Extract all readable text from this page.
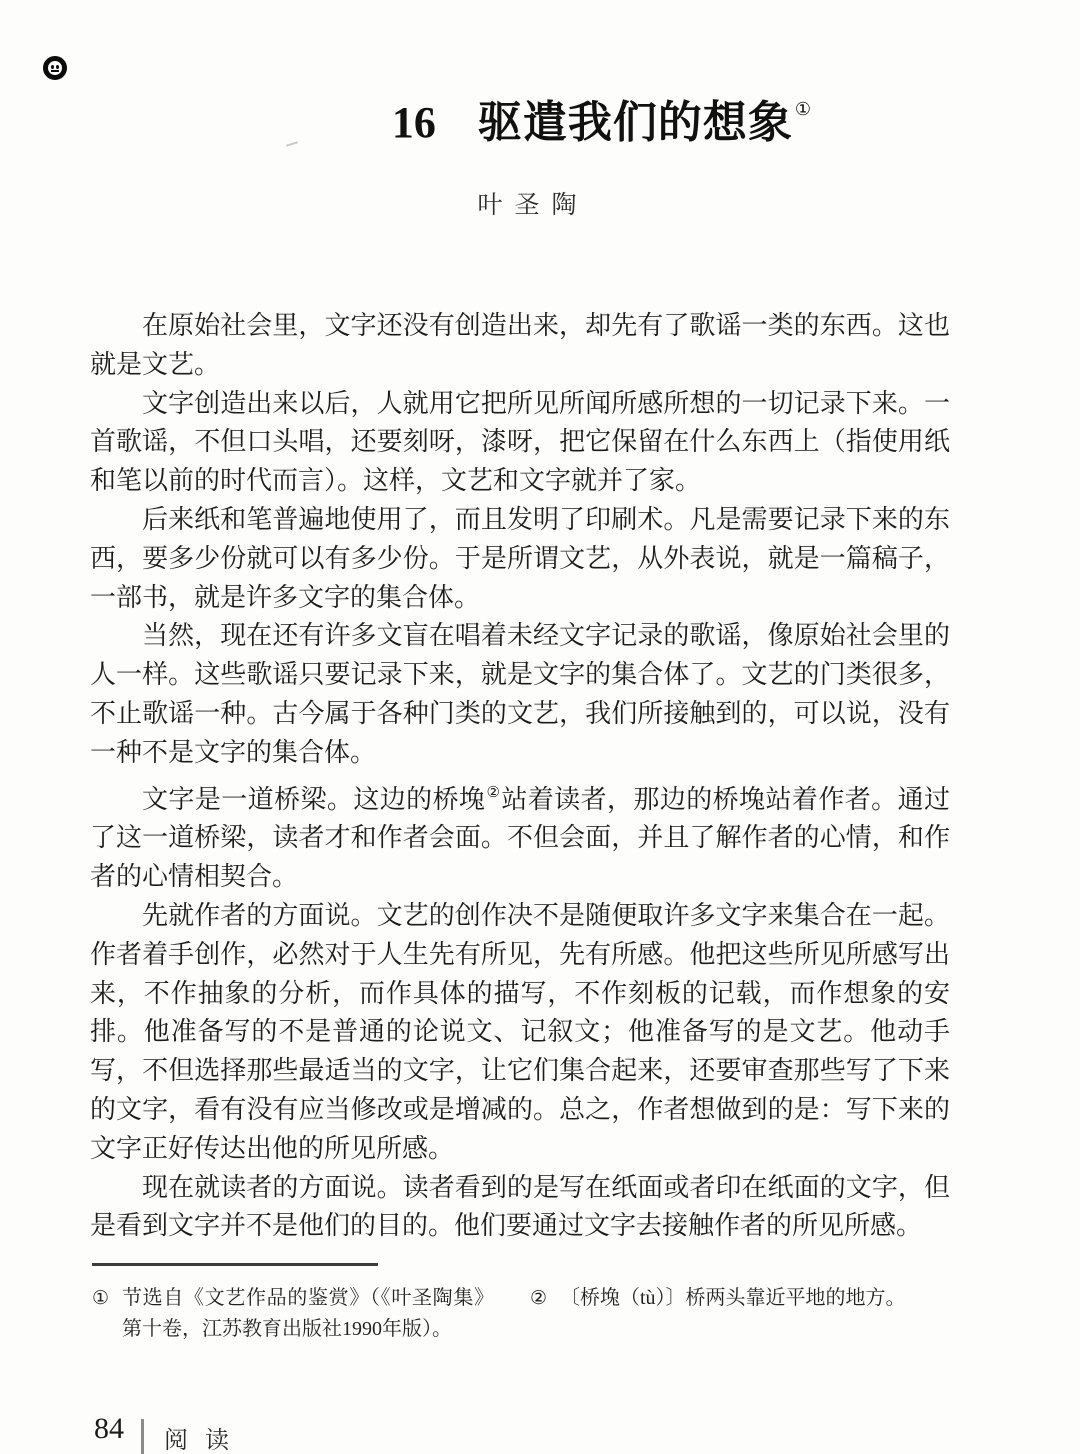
16 驱遣我们的想象 ①
叶圣陶

在原始社会里，文字还没有创造出来，却先有了歌谣一类的东西。这也就是文艺。

文字创造出来以后，人就用它把所见所闻所感所想的一切记录下来。一首歌谣，不但口头唱，还要刻呀，漆呀，把它保留在什么东西上（指使用纸和笔以前的时代而言）。这样，文艺和文字就并了家。

后来纸和笔普遍地使用了，而且发明了印刷术。凡是需要记录下来的东西，要多少份就可以有多少份。于是所谓文艺，从外表说，就是一篇稿子，一部书，就是许多文字的集合体。

当然，现在还有许多文盲在唱着未经文字记录的歌谣，像原始社会里的人一样。这些歌谣只要记录下来，就是文字的集合体了。文艺的门类很多，不止歌谣一种。古今属于各种门类的文艺，我们所接触到的，可以说，没有一种不是文字的集合体。

文字是一道桥梁。这边的桥堍②站着读者，那边的桥堍站着作者。通过了这一道桥梁，读者才和作者会面。不但会面，并且了解作者的心情，和作者的心情相契合。

先就作者的方面说。文艺的创作决不是随便取许多文字来集合在一起。作者着手创作，必然对于人生先有所见，先有所感。他把这些所见所感写出来，不作抽象的分析，而作具体的描写，不作刻板的记载，而作想象的安排。他准备写的不是普通的论说文、记叙文；他准备写的是文艺。他动手写，不但选择那些最适当的文字，让它们集合起来，还要审查那些写了下来的文字，看有没有应当修改或是增减的。总之，作者想做到的是：写下来的文字正好传达出他的所见所感。

现在就读者的方面说。读者看到的是写在纸面或者印在纸面的文字，但是看到文字并不是他们的目的。他们要通过文字去接触作者的所见所感。

① 节选自《文艺作品的鉴赏》（《叶圣陶集》第十卷，江苏教育出版社1990年版）。
② 〔桥堍（tù）〕桥两头靠近平地的地方。
84 阅读
